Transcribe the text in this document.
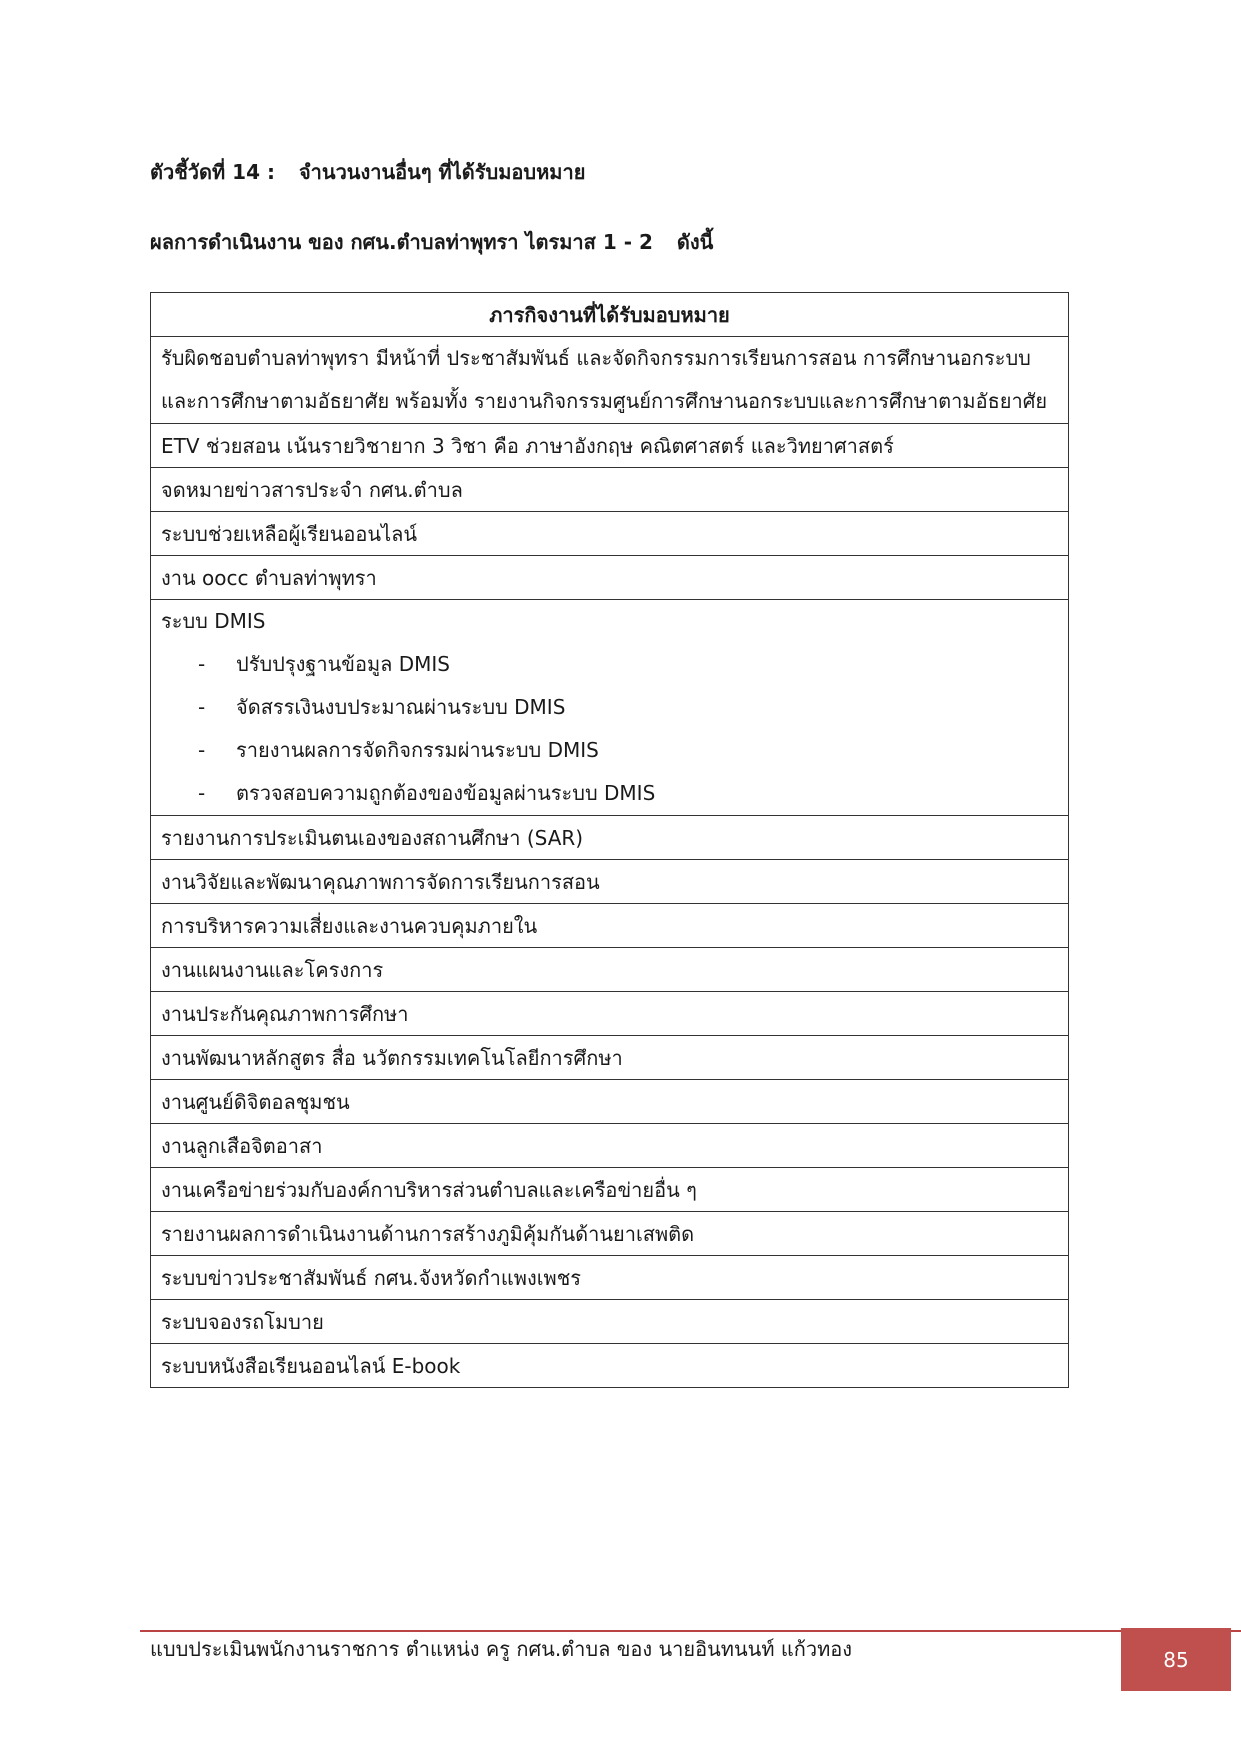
ตัวชี้วัดที่ 14 : จำนวนงานอื่นๆ ที่ได้รับมอบหมาย
ผลการดำเนินงาน ของ กศน.ตำบลท่าพุทรา ไตรมาส 1 - 2 ดังนี้
ภารกิจงานที่ได้รับมอบหมาย
รับผิดชอบตำบลท่าพุทรา มีหน้าที่ ประชาสัมพันธ์ และจัดกิจกรรมการเรียนการสอน การศึกษานอกระบบและการศึกษาตามอัธยาศัย พร้อมทั้ง รายงานกิจกรรมศูนย์การศึกษานอกระบบและการศึกษาตามอัธยาศัย
ETV ช่วยสอน เน้นรายวิชายาก 3 วิชา คือ ภาษาอังกฤษ คณิตศาสตร์ และวิทยาศาสตร์
จดหมายข่าวสารประจำ กศน.ตำบล
ระบบช่วยเหลือผู้เรียนออนไลน์
งาน oocc ตำบลท่าพุทรา

ระบบ DMIS
- ปรับปรุงฐานข้อมูล DMIS
- จัดสรรเงินงบประมาณผ่านระบบ DMIS
- รายงานผลการจัดกิจกรรมผ่านระบบ DMIS
- ตรวจสอบความถูกต้องของข้อมูลผ่านระบบ DMIS

รายงานการประเมินตนเองของสถานศึกษา (SAR)
งานวิจัยและพัฒนาคุณภาพการจัดการเรียนการสอน
การบริหารความเสี่ยงและงานควบคุมภายใน
งานแผนงานและโครงการ
งานประกันคุณภาพการศึกษา
งานพัฒนาหลักสูตร สื่อ นวัตกรรมเทคโนโลยีการศึกษา
งานศูนย์ดิจิตอลชุมชน
งานลูกเสือจิตอาสา
งานเครือข่ายร่วมกับองค์กาบริหารส่วนตำบลและเครือข่ายอื่น ๆ
รายงานผลการดำเนินงานด้านการสร้างภูมิคุ้มกันด้านยาเสพติด
ระบบข่าวประชาสัมพันธ์ กศน.จังหวัดกำแพงเพชร
ระบบจองรถโมบาย
ระบบหนังสือเรียนออนไลน์ E-book
แบบประเมินพนักงานราชการ ตำแหน่ง ครู กศน.ตำบล ของ นายอินทนนท์ แก้วทอง	85
